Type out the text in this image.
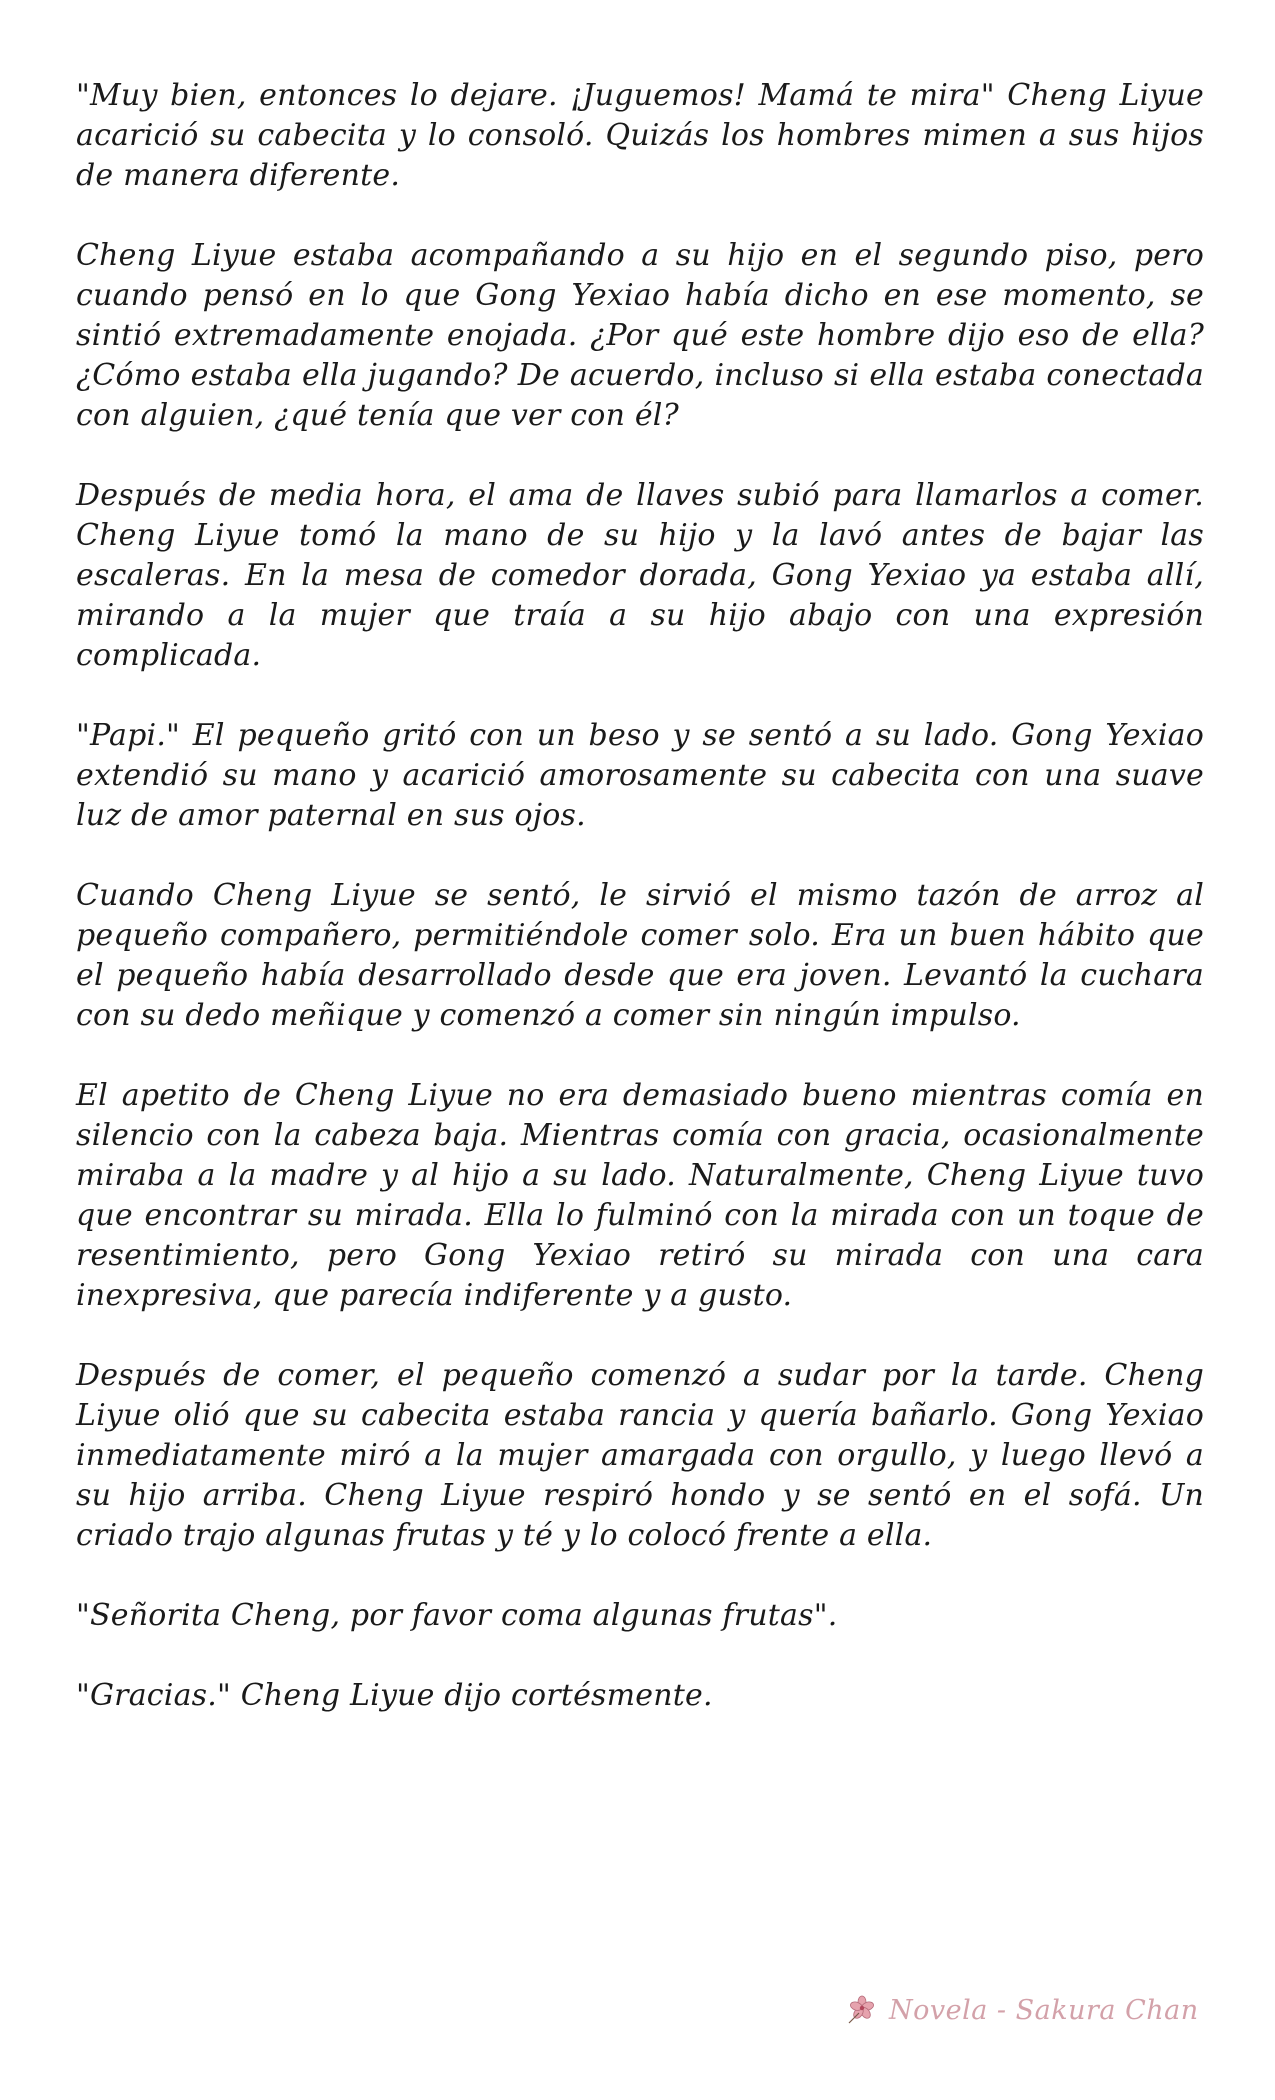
"Muy bien, entonces lo dejare. ¡Juguemos! Mamá te mira" Cheng Liyue acarició su cabecita y lo consoló. Quizás los hombres mimen a sus hijos de manera diferente.

Cheng Liyue estaba acompañando a su hijo en el segundo piso, pero cuando pensó en lo que Gong Yexiao había dicho en ese momento, se sintió extremadamente enojada. ¿Por qué este hombre dijo eso de ella? ¿Cómo estaba ella jugando? De acuerdo, incluso si ella estaba conectada con alguien, ¿qué tenía que ver con él?

Después de media hora, el ama de llaves subió para llamarlos a comer. Cheng Liyue tomó la mano de su hijo y la lavó antes de bajar las escaleras. En la mesa de comedor dorada, Gong Yexiao ya estaba allí, mirando a la mujer que traía a su hijo abajo con una expresión complicada.

"Papi." El pequeño gritó con un beso y se sentó a su lado. Gong Yexiao extendió su mano y acarició amorosamente su cabecita con una suave luz de amor paternal en sus ojos.

Cuando Cheng Liyue se sentó, le sirvió el mismo tazón de arroz al pequeño compañero, permitiéndole comer solo. Era un buen hábito que el pequeño había desarrollado desde que era joven. Levantó la cuchara con su dedo meñique y comenzó a comer sin ningún impulso.

El apetito de Cheng Liyue no era demasiado bueno mientras comía en silencio con la cabeza baja. Mientras comía con gracia, ocasionalmente miraba a la madre y al hijo a su lado. Naturalmente, Cheng Liyue tuvo que encontrar su mirada. Ella lo fulminó con la mirada con un toque de resentimiento, pero Gong Yexiao retiró su mirada con una cara inexpresiva, que parecía indiferente y a gusto.

Después de comer, el pequeño comenzó a sudar por la tarde. Cheng Liyue olió que su cabecita estaba rancia y quería bañarlo. Gong Yexiao inmediatamente miró a la mujer amargada con orgullo, y luego llevó a su hijo arriba. Cheng Liyue respiró hondo y se sentó en el sofá. Un criado trajo algunas frutas y té y lo colocó frente a ella.

"Señorita Cheng, por favor coma algunas frutas".

"Gracias." Cheng Liyue dijo cortésmente.

Novela - Sakura Chan
